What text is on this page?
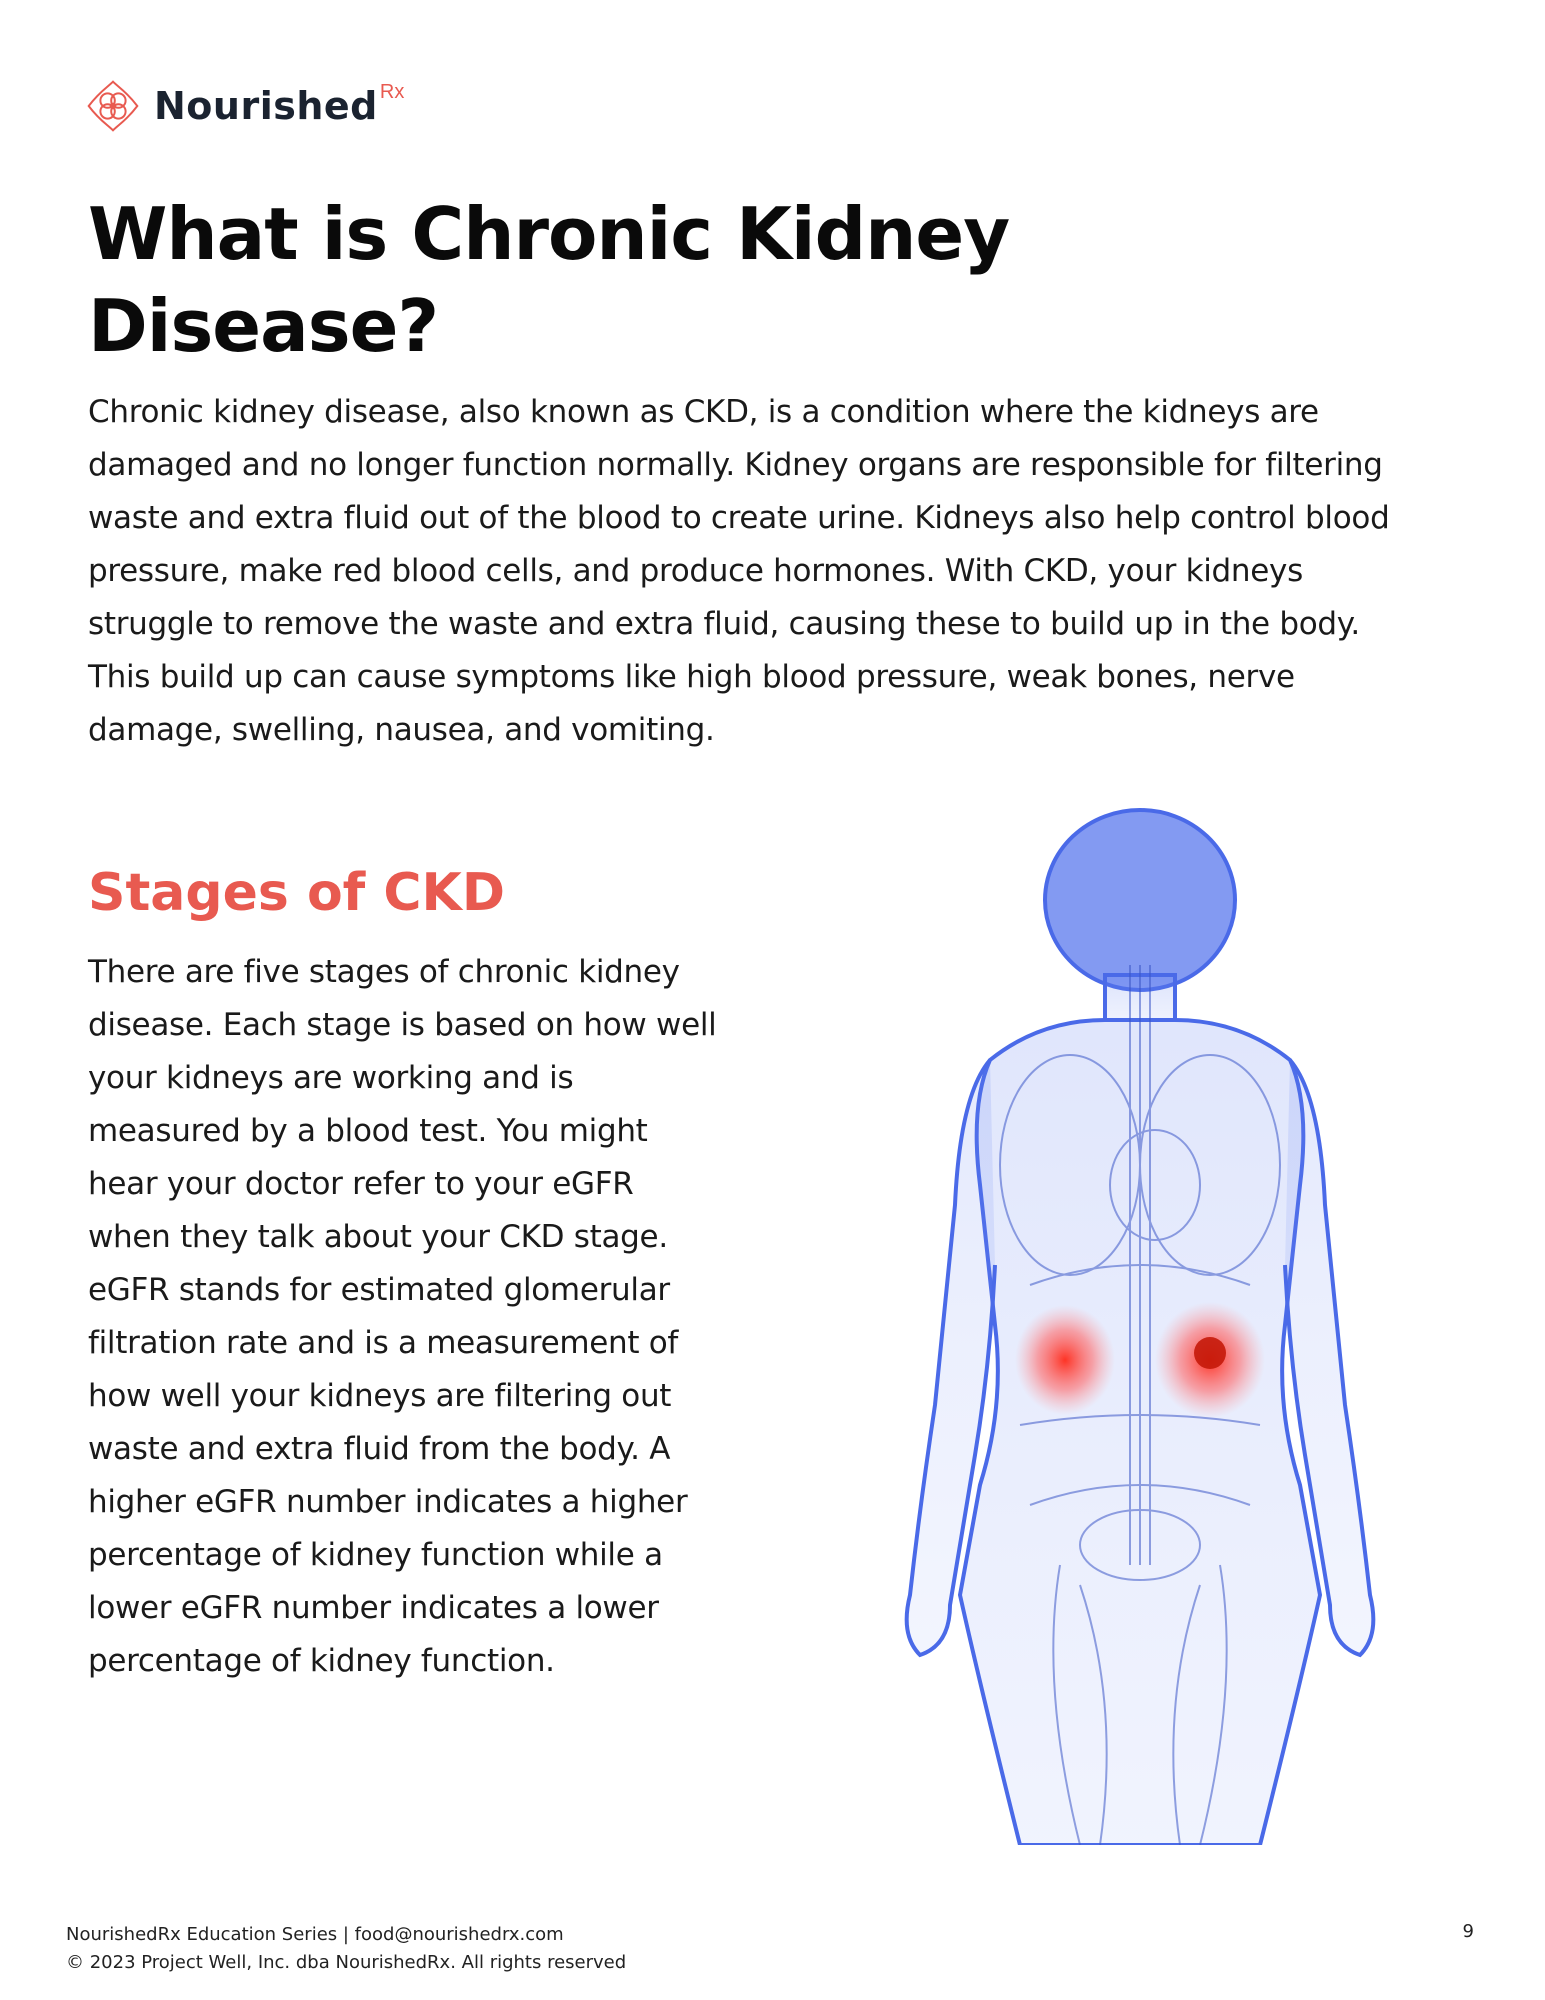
Nourished Rx
What is Chronic Kidney Disease?

Chronic kidney disease, also known as CKD, is a condition where the kidneys are damaged and no longer function normally. Kidney organs are responsible for filtering waste and extra fluid out of the blood to create urine. Kidneys also help control blood pressure, make red blood cells, and produce hormones. With CKD, your kidneys struggle to remove the waste and extra fluid, causing these to build up in the body. This build up can cause symptoms like high blood pressure, weak bones, nerve damage, swelling, nausea, and vomiting.

Stages of CKD

There are five stages of chronic kidney disease. Each stage is based on how well your kidneys are working and is measured by a blood test. You might hear your doctor refer to your eGFR when they talk about your CKD stage. eGFR stands for estimated glomerular filtration rate and is a measurement of how well your kidneys are filtering out waste and extra fluid from the body. A higher eGFR number indicates a higher percentage of kidney function while a lower eGFR number indicates a lower percentage of kidney function.

NourishedRx Education Series | food@nourishedrx.com
© 2023 Project Well, Inc. dba NourishedRx. All rights reserved
9
